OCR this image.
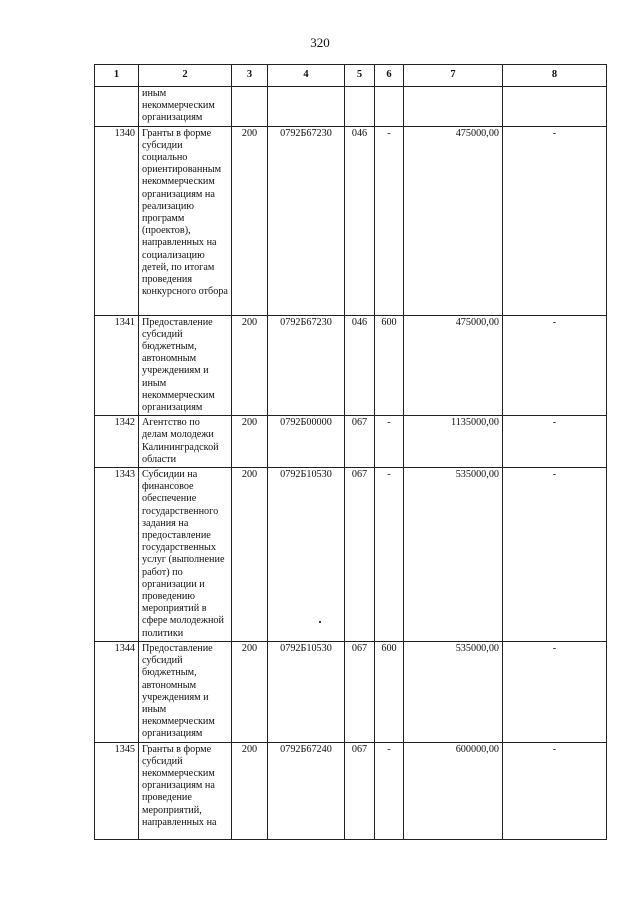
320
1	2	3	4	5	6	7	8
	иным некоммерческим организациям						
1340	Гранты в форме субсидии социально ориентированным некоммерческим организациям на реализацию программ (проектов), направленных на социализацию детей, по итогам проведения конкурсного отбора	200	0792Б67230	046	-	475000,00	-
1341	Предоставление субсидий бюджетным, автономным учреждениям и иным некоммерческим организациям	200	0792Б67230	046	600	475000,00	-
1342	Агентство по делам молодежи Калининградской области	200	0792Б00000	067	-	1135000,00	-
1343	Субсидии на финансовое обеспечение государственного задания на предоставление государственных услуг (выполнение работ) по организации и проведению мероприятий в сфере молодежной политики	200	0792Б10530	067	-	535000,00	-
1344	Предоставление субсидий бюджетным, автономным учреждениям и иным некоммерческим организациям	200	0792Б10530	067	600	535000,00	-
1345	Гранты в форме субсидий некоммерческим организациям на проведение мероприятий, направленных на	200	0792Б67240	067	-	600000,00	-
